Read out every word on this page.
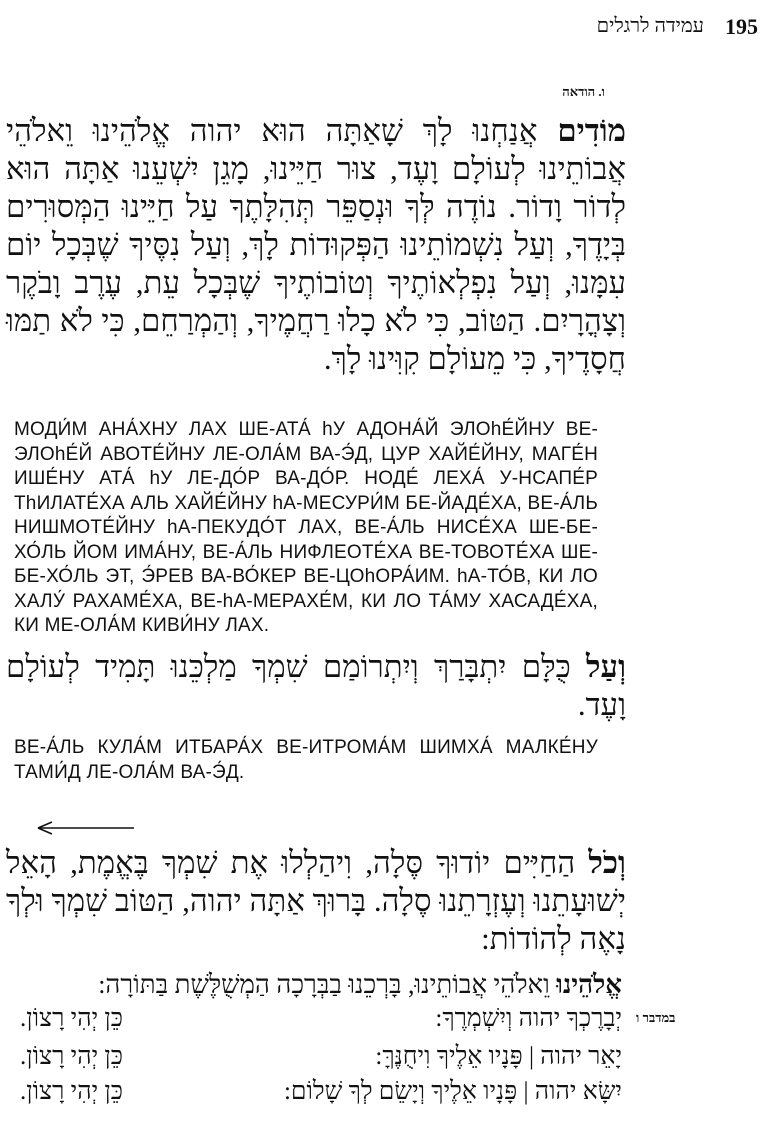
195
עמידה לרגלים
ו. הודאה
מוֹדִים אֲנַחְנוּ לָךְ שָׁאַתָּה הוּא יהוה אֱלֹהֵינוּ וֵאלֹהֵי אֲבוֹתֵינוּ לְעוֹלָם וָעֶד, צוּר חַיֵּינוּ, מָגֵן יִשְׁעֵנוּ אַתָּה הוּא לְדוֹר וָדוֹר. נוֹדֶה לְּךָ וּנְסַפֵּר תְּהִלָּתֶךָ עַל חַיֵּינוּ הַמְּסוּרִים בְּיָדֶךָ, וְעַל נִשְׁמוֹתֵינוּ הַפְּקוּדוֹת לָךְ, וְעַל נִסֶּיךָ שֶׁבְּכָל יוֹם עִמָּנוּ, וְעַל נִפְלְאוֹתֶיךָ וְטוֹבוֹתֶיךָ שֶׁבְּכָל עֵת, עֶרֶב וָבֹקֶר וְצָהֳרָיִם. הַטּוֹב, כִּי לֹא כָלוּ רַחֲמֶיךָ, וְהַמְרַחֵם, כִּי לֹא תַמּוּ חֲסָדֶיךָ, כִּי מֵעוֹלָם קִוִּינוּ לָךְ.
МОДИ́М АНА́ХНУ ЛАХ ШЕ-АТА́ hУ АДОНА́Й ЭЛОhЕ́ЙНУ ВЕ-ЭЛОhЕ́Й АВОТЕ́ЙНУ ЛЕ-ОЛА́М ВА-Э́Д, ЦУР ХАЙЕ́ЙНУ, МАГЕ́Н ИШЕ́НУ АТА́ hУ ЛЕ-ДО́Р ВА-ДО́Р. НОДЕ́ ЛЕХА́ У-НСАПЕ́Р ТhИЛАТЕ́ХА АЛЬ ХАЙЕ́ЙНУ hА-МЕСУРИ́М БЕ-ЙАДЕ́ХА, ВЕ-А́ЛЬ НИШМОТЕ́ЙНУ hА-ПЕКУДО́Т ЛАХ, ВЕ-А́ЛЬ НИСЕ́ХА ШЕ-БЕ-ХО́ЛЬ ЙОМ ИМА́НУ, ВЕ-А́ЛЬ НИФЛЕОТЕ́ХА ВЕ-ТОВОТЕ́ХА ШЕ-БЕ-ХО́ЛЬ ЭТ, Э́РЕВ ВА-ВО́КЕР ВЕ-ЦОhОРА́ИМ. hА-ТО́В, КИ ЛО ХАЛУ́ РАХАМЕ́ХА, ВЕ-hА-МЕРАХЕ́М, КИ ЛО ТА́МУ ХАСАДЕ́ХА, КИ МЕ-ОЛА́М КИВИ́НУ ЛАХ.
וְעַל כֻּלָּם יִתְבָּרַךְ וְיִתְרוֹמַם שִׁמְךָ מַלְכֵּנוּ תָּמִיד לְעוֹלָם וָעֶד.
ВЕ-А́ЛЬ КУЛА́М ИТБАРА́Х ВЕ-ИТРОМА́М ШИМХА́ МАЛКЕ́НУ ТАМИ́Д ЛЕ-ОЛА́М ВА-Э́Д.
וְכֹל הַחַיִּים יוֹדוּךָ סֶּלָה, וִיהַלְלוּ אֶת שִׁמְךָ בֶּאֱמֶת, הָאֵל יְשׁוּעָתֵנוּ וְעֶזְרָתֵנוּ סֶלָה. בָּרוּךְ אַתָּה יהוה, הַטּוֹב שִׁמְךָ וּלְךָ נָאֶה לְהוֹדוֹת:
אֱלֹהֵינוּ וֵאלֹהֵי אֲבוֹתֵינוּ, בָּרְכֵנוּ בַבְּרָכָה הַמְשֻׁלֶּשֶׁת בַּתּוֹרָה:
במדבר ו
יְבָרֶכְךָ יהוה וְיִשְׁמְרֶךָ:
כֵּן יְהִי רָצוֹן.
יָאֵר יהוה | פָּנָיו אֵלֶיךָ וִיחֻנֶּךָּ:
כֵּן יְהִי רָצוֹן.
יִשָּׂא יהוה | פָּנָיו אֵלֶיךָ וְיָשֵׂם לְךָ שָׁלוֹם:
כֵּן יְהִי רָצוֹן.
